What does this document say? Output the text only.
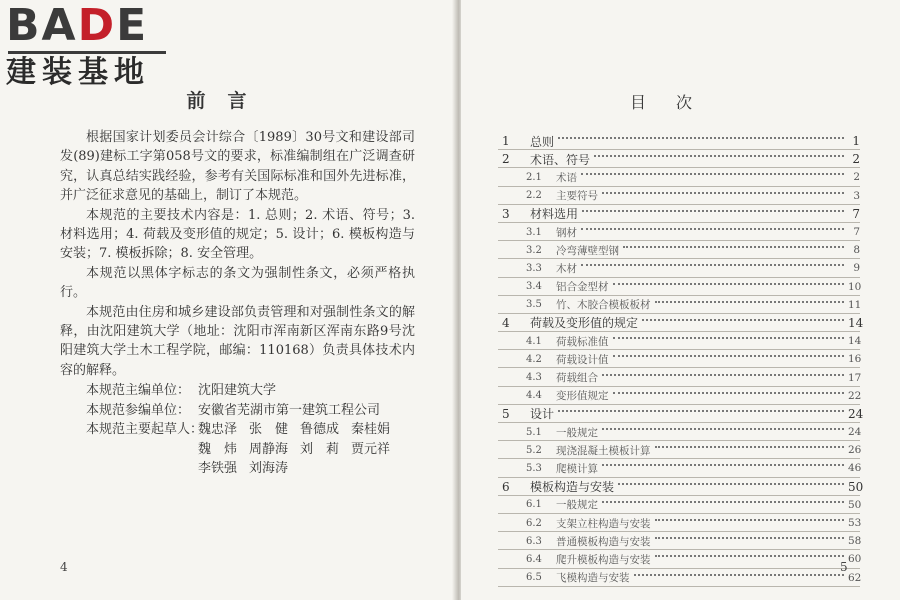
BADE
建装基地
前言

根据国家计划委员会计综合〔1989〕30号文和建设部司发(89)建标工字第058号文的要求，标准编制组在广泛调查研究，认真总结实践经验，参考有关国际标准和国外先进标准，并广泛征求意见的基础上，制订了本规范。

本规范的主要技术内容是：1. 总则；2. 术语、符号；3. 材料选用；4. 荷载及变形值的规定；5. 设计；6. 模板构造与安装；7. 模板拆除；8. 安全管理。

本规范以黑体字标志的条文为强制性条文，必须严格执行。

本规范由住房和城乡建设部负责管理和对强制性条文的解释，由沈阳建筑大学（地址：沈阳市浑南新区浑南东路9号沈阳建筑大学土木工程学院，邮编：110168）负责具体技术内容的解释。

本规范主编单位： 沈阳建筑大学
本规范参编单位： 安徽省芜湖市第一建筑工程公司
本规范主要起草人：
魏忠泽 张　健 鲁德成 秦桂娟
魏　炜 周静海 刘　莉 贾元祥
李铁强 刘海涛
4
目次
1	总则	1
2	术语、符号	2
2.1	术语	2
2.2	主要符号	3
3	材料选用	7
3.1	钢材	7
3.2	冷弯薄壁型钢	8
3.3	木材	9
3.4	铝合金型材	10
3.5	竹、木胶合模板板材	11
4	荷载及变形值的规定	14
4.1	荷载标准值	14
4.2	荷载设计值	16
4.3	荷载组合	17
4.4	变形值规定	22
5	设计	24
5.1	一般规定	24
5.2	现浇混凝土模板计算	26
5.3	爬模计算	46
6	模板构造与安装	50
6.1	一般规定	50
6.2	支架立柱构造与安装	53
6.3	普通模板构造与安装	58
6.4	爬升模板构造与安装	60
6.5	飞模构造与安装	62
5
